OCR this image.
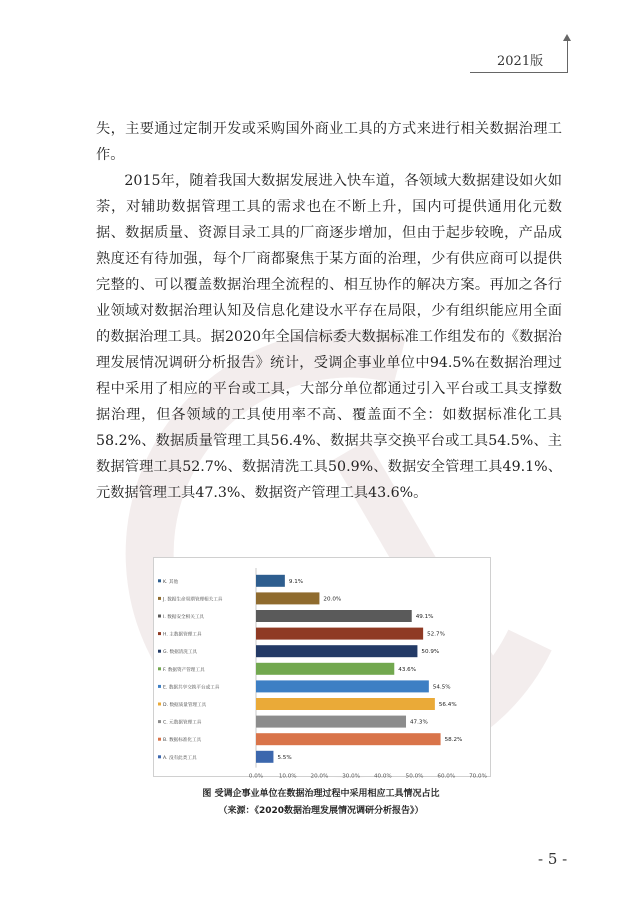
2021版

失，主要通过定制开发或采购国外商业工具的方式来进行相关数据治理工作。

2015年，随着我国大数据发展进入快车道，各领域大数据建设如火如荼，对辅助数据管理工具的需求也在不断上升，国内可提供通用化元数据、数据质量、资源目录工具的厂商逐步增加，但由于起步较晚，产品成熟度还有待加强，每个厂商都聚焦于某方面的治理，少有供应商可以提供完整的、可以覆盖数据治理全流程的、相互协作的解决方案。再加之各行业领域对数据治理认知及信息化建设水平存在局限，少有组织能应用全面的数据治理工具。据2020年全国信标委大数据标准工作组发布的《数据治理发展情况调研分析报告》统计，受调企事业单位中94.5%在数据治理过程中采用了相应的平台或工具，大部分单位都通过引入平台或工具支撑数据治理，但各领域的工具使用率不高、覆盖面不全：如数据标准化工具58.2%、数据质量管理工具56.4%、数据共享交换平台或工具54.5%、主数据管理工具52.7%、数据清洗工具50.9%、数据安全管理工具49.1%、元数据管理工具47.3%、数据资产管理工具43.6%。

K. 其他	9.1%
J. 数据生命周期管理相关工具	20.0%
I. 数据安全相关工具	49.1%
H. 主数据管理工具	52.7%
G. 数据清洗工具	50.9%
F. 数据资产管理工具	43.6%
E. 数据共享交换平台或工具	54.5%
D. 数据质量管理工具	56.4%
C. 元数据管理工具	47.3%
B. 数据标准化工具	58.2%
A. 没有此类工具	5.5%
0.0%	10.0% 20.0% 30.0% 40.0% 50.0% 60.0% 70.0%
图 受调企事业单位在数据治理过程中采用相应工具情况占比
（来源：《2020数据治理发展情况调研分析报告》）
- 5 -
